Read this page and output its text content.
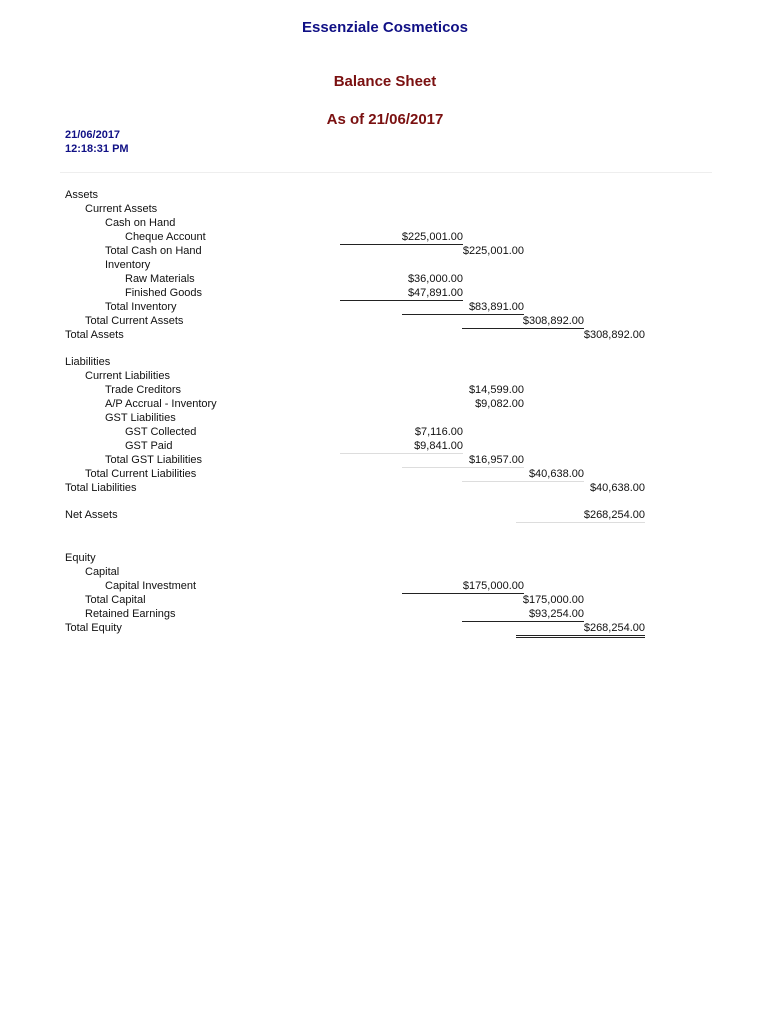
Essenziale Cosmeticos
Balance Sheet
As of 21/06/2017
21/06/2017
12:18:31 PM
Assets
Current Assets
Cash on Hand
Cheque Account	$225,001.00
Total Cash on Hand	$225,001.00
Inventory
Raw Materials	$36,000.00
Finished Goods	$47,891.00
Total Inventory	$83,891.00
Total Current Assets	$308,892.00
Total Assets	$308,892.00
Liabilities
Current Liabilities
Trade Creditors	$14,599.00
A/P Accrual - Inventory	$9,082.00
GST Liabilities
GST Collected	$7,116.00
GST Paid	$9,841.00
Total GST Liabilities	$16,957.00
Total Current Liabilities	$40,638.00
Total Liabilities	$40,638.00
Net Assets	$268,254.00
Equity
Capital
Capital Investment	$175,000.00
Total Capital	$175,000.00
Retained Earnings	$93,254.00
Total Equity	$268,254.00
